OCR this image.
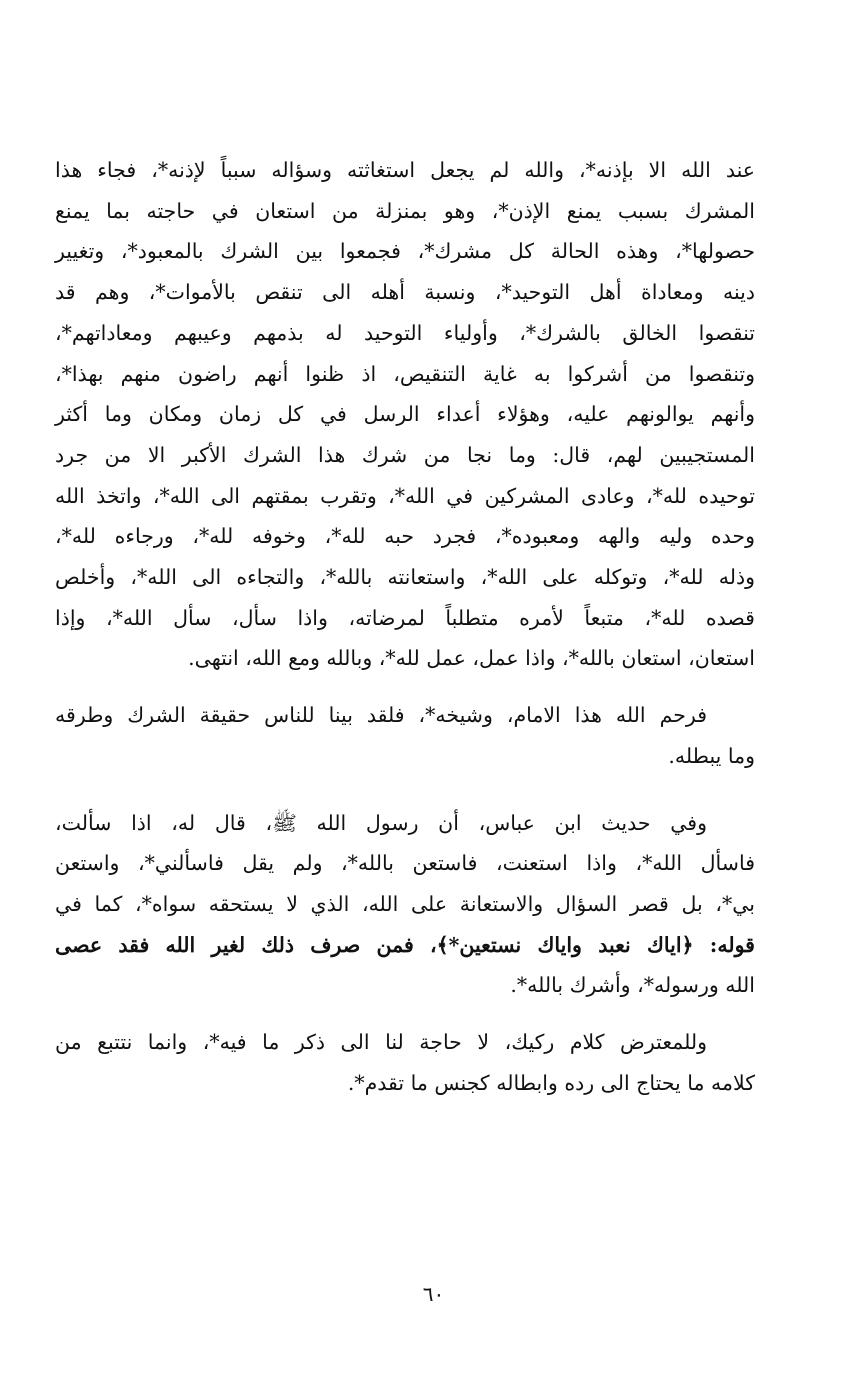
عند الله الا بإذنه*، والله لم يجعل استغاثته وسؤاله سبباً لإذنه*، فجاء هذا
المشرك بسبب يمنع الإذن*، وهو بمنزلة من استعان في حاجته بما يمنع
حصولها*، وهذه الحالة كل مشرك*، فجمعوا بين الشرك بالمعبود*، وتغيير
دينه ومعاداة أهل التوحيد*، ونسبة أهله الى تنقص بالأموات*، وهم قد
تنقصوا الخالق بالشرك*، وأولياء التوحيد له بذمهم وعيبهم ومعاداتهم*،
وتنقصوا من أشركوا به غاية التنقيص، اذ ظنوا أنهم راضون منهم بهذا*،
وأنهم يوالونهم عليه، وهؤلاء أعداء الرسل في كل زمان ومكان وما أكثر
المستجيبين لهم، قال: وما نجا من شرك هذا الشرك الأكبر الا من جرد
توحيده لله*، وعادى المشركين في الله*، وتقرب بمقتهم الى الله*، واتخذ الله
وحده وليه والهه ومعبوده*، فجرد حبه لله*، وخوفه لله*، ورجاءه لله*،
وذله لله*، وتوكله على الله*، واستعانته بالله*، والتجاءه الى الله*، وأخلص
قصده لله*، متبعاً لأمره متطلباً لمرضاته، واذا سأل، سأل الله*، وإذا
استعان، استعان بالله*، واذا عمل، عمل لله*، وبالله ومع الله، انتهى.

فرحم الله هذا الامام، وشيخه*، فلقد بينا للناس حقيقة الشرك وطرقه
وما يبطله.

وفي حديث ابن عباس، أن رسول الله ﷺ، قال له، اذا سألت،
فاسأل الله*، واذا استعنت، فاستعن بالله*، ولم يقل فاسألني*، واستعن
بي*، بل قصر السؤال والاستعانة على الله، الذي لا يستحقه سواه*، كما في
قوله: ﴿اياك نعبد واياك نستعين*﴾، فمن صرف ذلك لغير الله فقد عصى
الله ورسوله*، وأشرك بالله*.

وللمعترض كلام ركيك، لا حاجة لنا الى ذكر ما فيه*، وانما نتتبع من
كلامه ما يحتاج الى رده وابطاله كجنس ما تقدم*.

٦٠
